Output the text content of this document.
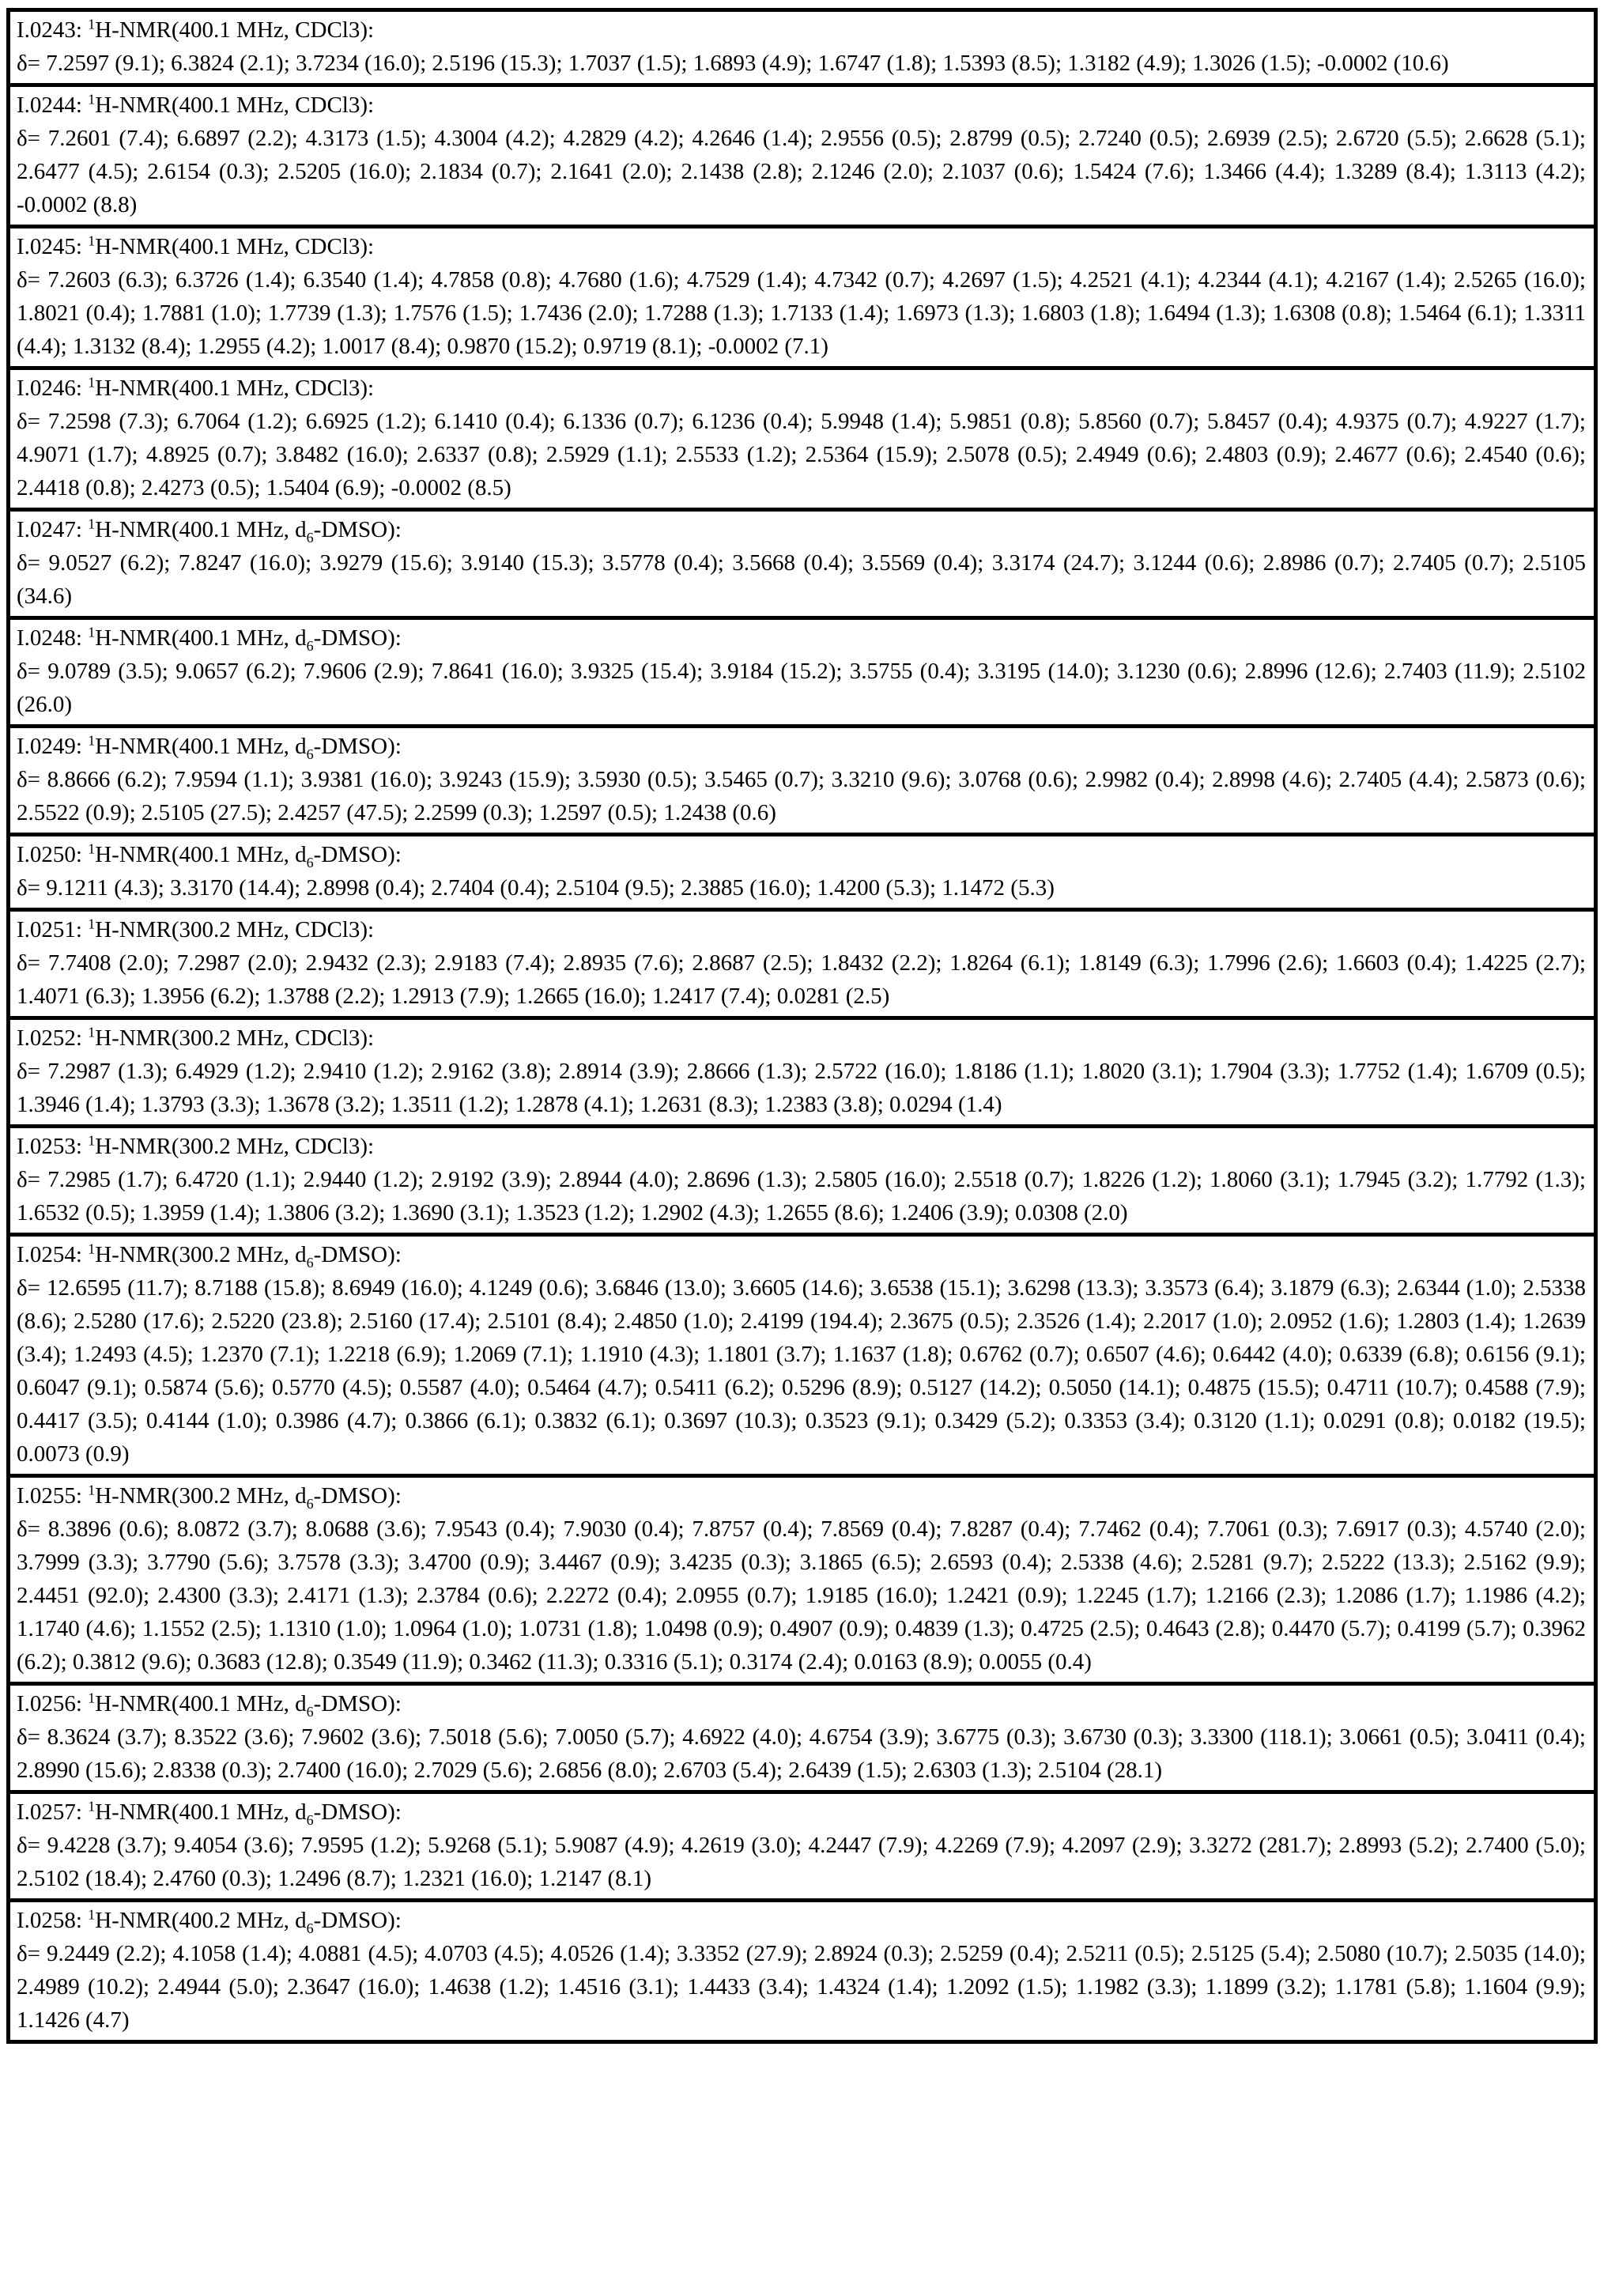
I.0243: $^1$H-NMR(400.1 MHz, CDCl3):
δ= 7.2597 (9.1); 6.3824 (2.1); 3.7234 (16.0); 2.5196 (15.3); 1.7037 (1.5); 1.6893 (4.9); 1.6747 (1.8); 1.5393 (8.5); 1.3182 (4.9); 1.3026 (1.5); -0.0002 (10.6)
I.0244: $^1$H-NMR(400.1 MHz, CDCl3):
δ= 7.2601 (7.4); 6.6897 (2.2); 4.3173 (1.5); 4.3004 (4.2); 4.2829 (4.2); 4.2646 (1.4); 2.9556 (0.5); 2.8799 (0.5); 2.7240 (0.5); 2.6939 (2.5); 2.6720 (5.5); 2.6628 (5.1); 2.6477 (4.5); 2.6154 (0.3); 2.5205 (16.0); 2.1834 (0.7); 2.1641 (2.0); 2.1438 (2.8); 2.1246 (2.0); 2.1037 (0.6); 1.5424 (7.6); 1.3466 (4.4); 1.3289 (8.4); 1.3113 (4.2); -0.0002 (8.8)
I.0245: $^1$H-NMR(400.1 MHz, CDCl3):
δ= 7.2603 (6.3); 6.3726 (1.4); 6.3540 (1.4); 4.7858 (0.8); 4.7680 (1.6); 4.7529 (1.4); 4.7342 (0.7); 4.2697 (1.5); 4.2521 (4.1); 4.2344 (4.1); 4.2167 (1.4); 2.5265 (16.0); 1.8021 (0.4); 1.7881 (1.0); 1.7739 (1.3); 1.7576 (1.5); 1.7436 (2.0); 1.7288 (1.3); 1.7133 (1.4); 1.6973 (1.3); 1.6803 (1.8); 1.6494 (1.3); 1.6308 (0.8); 1.5464 (6.1); 1.3311 (4.4); 1.3132 (8.4); 1.2955 (4.2); 1.0017 (8.4); 0.9870 (15.2); 0.9719 (8.1); -0.0002 (7.1)
I.0246: $^1$H-NMR(400.1 MHz, CDCl3):
δ= 7.2598 (7.3); 6.7064 (1.2); 6.6925 (1.2); 6.1410 (0.4); 6.1336 (0.7); 6.1236 (0.4); 5.9948 (1.4); 5.9851 (0.8); 5.8560 (0.7); 5.8457 (0.4); 4.9375 (0.7); 4.9227 (1.7); 4.9071 (1.7); 4.8925 (0.7); 3.8482 (16.0); 2.6337 (0.8); 2.5929 (1.1); 2.5533 (1.2); 2.5364 (15.9); 2.5078 (0.5); 2.4949 (0.6); 2.4803 (0.9); 2.4677 (0.6); 2.4540 (0.6); 2.4418 (0.8); 2.4273 (0.5); 1.5404 (6.9); -0.0002 (8.5)
I.0247: $^1$H-NMR(400.1 MHz, $d_6-DMSO$):
δ= 9.0527 (6.2); 7.8247 (16.0); 3.9279 (15.6); 3.9140 (15.3); 3.5778 (0.4); 3.5668 (0.4); 3.5569 (0.4); 3.3174 (24.7); 3.1244 (0.6); 2.8986 (0.7); 2.7405 (0.7); 2.5105 (34.6)
I.0248: $^1$H-NMR(400.1 MHz, $d_6-DMSO$):
δ= 9.0789 (3.5); 9.0657 (6.2); 7.9606 (2.9); 7.8641 (16.0); 3.9325 (15.4); 3.9184 (15.2); 3.5755 (0.4); 3.3195 (14.0); 3.1230 (0.6); 2.8996 (12.6); 2.7403 (11.9); 2.5102 (26.0)
I.0249: $^1$H-NMR(400.1 MHz, $d_6-DMSO$):
δ= 8.8666 (6.2); 7.9594 (1.1); 3.9381 (16.0); 3.9243 (15.9); 3.5930 (0.5); 3.5465 (0.7); 3.3210 (9.6); 3.0768 (0.6); 2.9982 (0.4); 2.8998 (4.6); 2.7405 (4.4); 2.5873 (0.6); 2.5522 (0.9); 2.5105 (27.5); 2.4257 (47.5); 2.2599 (0.3); 1.2597 (0.5); 1.2438 (0.6)
I.0250: $^1$H-NMR(400.1 MHz, $d_6-DMSO$):
δ= 9.1211 (4.3); 3.3170 (14.4); 2.8998 (0.4); 2.7404 (0.4); 2.5104 (9.5); 2.3885 (16.0); 1.4200 (5.3); 1.1472 (5.3)
I.0251: $^1$H-NMR(300.2 MHz, CDCl3):
δ= 7.7408 (2.0); 7.2987 (2.0); 2.9432 (2.3); 2.9183 (7.4); 2.8935 (7.6); 2.8687 (2.5); 1.8432 (2.2); 1.8264 (6.1); 1.8149 (6.3); 1.7996 (2.6); 1.6603 (0.4); 1.4225 (2.7); 1.4071 (6.3); 1.3956 (6.2); 1.3788 (2.2); 1.2913 (7.9); 1.2665 (16.0); 1.2417 (7.4); 0.0281 (2.5)
I.0252: $^1$H-NMR(300.2 MHz, CDCl3):
δ= 7.2987 (1.3); 6.4929 (1.2); 2.9410 (1.2); 2.9162 (3.8); 2.8914 (3.9); 2.8666 (1.3); 2.5722 (16.0); 1.8186 (1.1); 1.8020 (3.1); 1.7904 (3.3); 1.7752 (1.4); 1.6709 (0.5); 1.3946 (1.4); 1.3793 (3.3); 1.3678 (3.2); 1.3511 (1.2); 1.2878 (4.1); 1.2631 (8.3); 1.2383 (3.8); 0.0294 (1.4)
I.0253: $^1$H-NMR(300.2 MHz, CDCl3):
δ= 7.2985 (1.7); 6.4720 (1.1); 2.9440 (1.2); 2.9192 (3.9); 2.8944 (4.0); 2.8696 (1.3); 2.5805 (16.0); 2.5518 (0.7); 1.8226 (1.2); 1.8060 (3.1); 1.7945 (3.2); 1.7792 (1.3); 1.6532 (0.5); 1.3959 (1.4); 1.3806 (3.2); 1.3690 (3.1); 1.3523 (1.2); 1.2902 (4.3); 1.2655 (8.6); 1.2406 (3.9); 0.0308 (2.0)
I.0254: $^1$H-NMR(300.2 MHz, $d_6-DMSO$):
δ= 12.6595 (11.7); 8.7188 (15.8); 8.6949 (16.0); 4.1249 (0.6); 3.6846 (13.0); 3.6605 (14.6); 3.6538 (15.1); 3.6298 (13.3); 3.3573 (6.4); 3.1879 (6.3); 2.6344 (1.0); 2.5338 (8.6); 2.5280 (17.6); 2.5220 (23.8); 2.5160 (17.4); 2.5101 (8.4); 2.4850 (1.0); 2.4199 (194.4); 2.3675 (0.5); 2.3526 (1.4); 2.2017 (1.0); 2.0952 (1.6); 1.2803 (1.4); 1.2639 (3.4); 1.2493 (4.5); 1.2370 (7.1); 1.2218 (6.9); 1.2069 (7.1); 1.1910 (4.3); 1.1801 (3.7); 1.1637 (1.8); 0.6762 (0.7); 0.6507 (4.6); 0.6442 (4.0); 0.6339 (6.8); 0.6156 (9.1); 0.6047 (9.1); 0.5874 (5.6); 0.5770 (4.5); 0.5587 (4.0); 0.5464 (4.7); 0.5411 (6.2); 0.5296 (8.9); 0.5127 (14.2); 0.5050 (14.1); 0.4875 (15.5); 0.4711 (10.7); 0.4588 (7.9); 0.4417 (3.5); 0.4144 (1.0); 0.3986 (4.7); 0.3866 (6.1); 0.3832 (6.1); 0.3697 (10.3); 0.3523 (9.1); 0.3429 (5.2); 0.3353 (3.4); 0.3120 (1.1); 0.0291 (0.8); 0.0182 (19.5); 0.0073 (0.9)
I.0255: $^1$H-NMR(300.2 MHz, $d_6-DMSO$):
δ= 8.3896 (0.6); 8.0872 (3.7); 8.0688 (3.6); 7.9543 (0.4); 7.9030 (0.4); 7.8757 (0.4); 7.8569 (0.4); 7.8287 (0.4); 7.7462 (0.4); 7.7061 (0.3); 7.6917 (0.3); 4.5740 (2.0); 3.7999 (3.3); 3.7790 (5.6); 3.7578 (3.3); 3.4700 (0.9); 3.4467 (0.9); 3.4235 (0.3); 3.1865 (6.5); 2.6593 (0.4); 2.5338 (4.6); 2.5281 (9.7); 2.5222 (13.3); 2.5162 (9.9); 2.4451 (92.0); 2.4300 (3.3); 2.4171 (1.3); 2.3784 (0.6); 2.2272 (0.4); 2.0955 (0.7); 1.9185 (16.0); 1.2421 (0.9); 1.2245 (1.7); 1.2166 (2.3); 1.2086 (1.7); 1.1986 (4.2); 1.1740 (4.6); 1.1552 (2.5); 1.1310 (1.0); 1.0964 (1.0); 1.0731 (1.8); 1.0498 (0.9); 0.4907 (0.9); 0.4839 (1.3); 0.4725 (2.5); 0.4643 (2.8); 0.4470 (5.7); 0.4199 (5.7); 0.3962 (6.2); 0.3812 (9.6); 0.3683 (12.8); 0.3549 (11.9); 0.3462 (11.3); 0.3316 (5.1); 0.3174 (2.4); 0.0163 (8.9); 0.0055 (0.4)
I.0256: $^1$H-NMR(400.1 MHz, $d_6-DMSO$):
δ= 8.3624 (3.7); 8.3522 (3.6); 7.9602 (3.6); 7.5018 (5.6); 7.0050 (5.7); 4.6922 (4.0); 4.6754 (3.9); 3.6775 (0.3); 3.6730 (0.3); 3.3300 (118.1); 3.0661 (0.5); 3.0411 (0.4); 2.8990 (15.6); 2.8338 (0.3); 2.7400 (16.0); 2.7029 (5.6); 2.6856 (8.0); 2.6703 (5.4); 2.6439 (1.5); 2.6303 (1.3); 2.5104 (28.1)
I.0257: $^1$H-NMR(400.1 MHz, $d_6-DMSO$):
δ= 9.4228 (3.7); 9.4054 (3.6); 7.9595 (1.2); 5.9268 (5.1); 5.9087 (4.9); 4.2619 (3.0); 4.2447 (7.9); 4.2269 (7.9); 4.2097 (2.9); 3.3272 (281.7); 2.8993 (5.2); 2.7400 (5.0); 2.5102 (18.4); 2.4760 (0.3); 1.2496 (8.7); 1.2321 (16.0); 1.2147 (8.1)
I.0258: $^1$H-NMR(400.2 MHz, $d_6-DMSO$):
δ= 9.2449 (2.2); 4.1058 (1.4); 4.0881 (4.5); 4.0703 (4.5); 4.0526 (1.4); 3.3352 (27.9); 2.8924 (0.3); 2.5259 (0.4); 2.5211 (0.5); 2.5125 (5.4); 2.5080 (10.7); 2.5035 (14.0); 2.4989 (10.2); 2.4944 (5.0); 2.3647 (16.0); 1.4638 (1.2); 1.4516 (3.1); 1.4433 (3.4); 1.4324 (1.4); 1.2092 (1.5); 1.1982 (3.3); 1.1899 (3.2); 1.1781 (5.8); 1.1604 (9.9); 1.1426 (4.7)
